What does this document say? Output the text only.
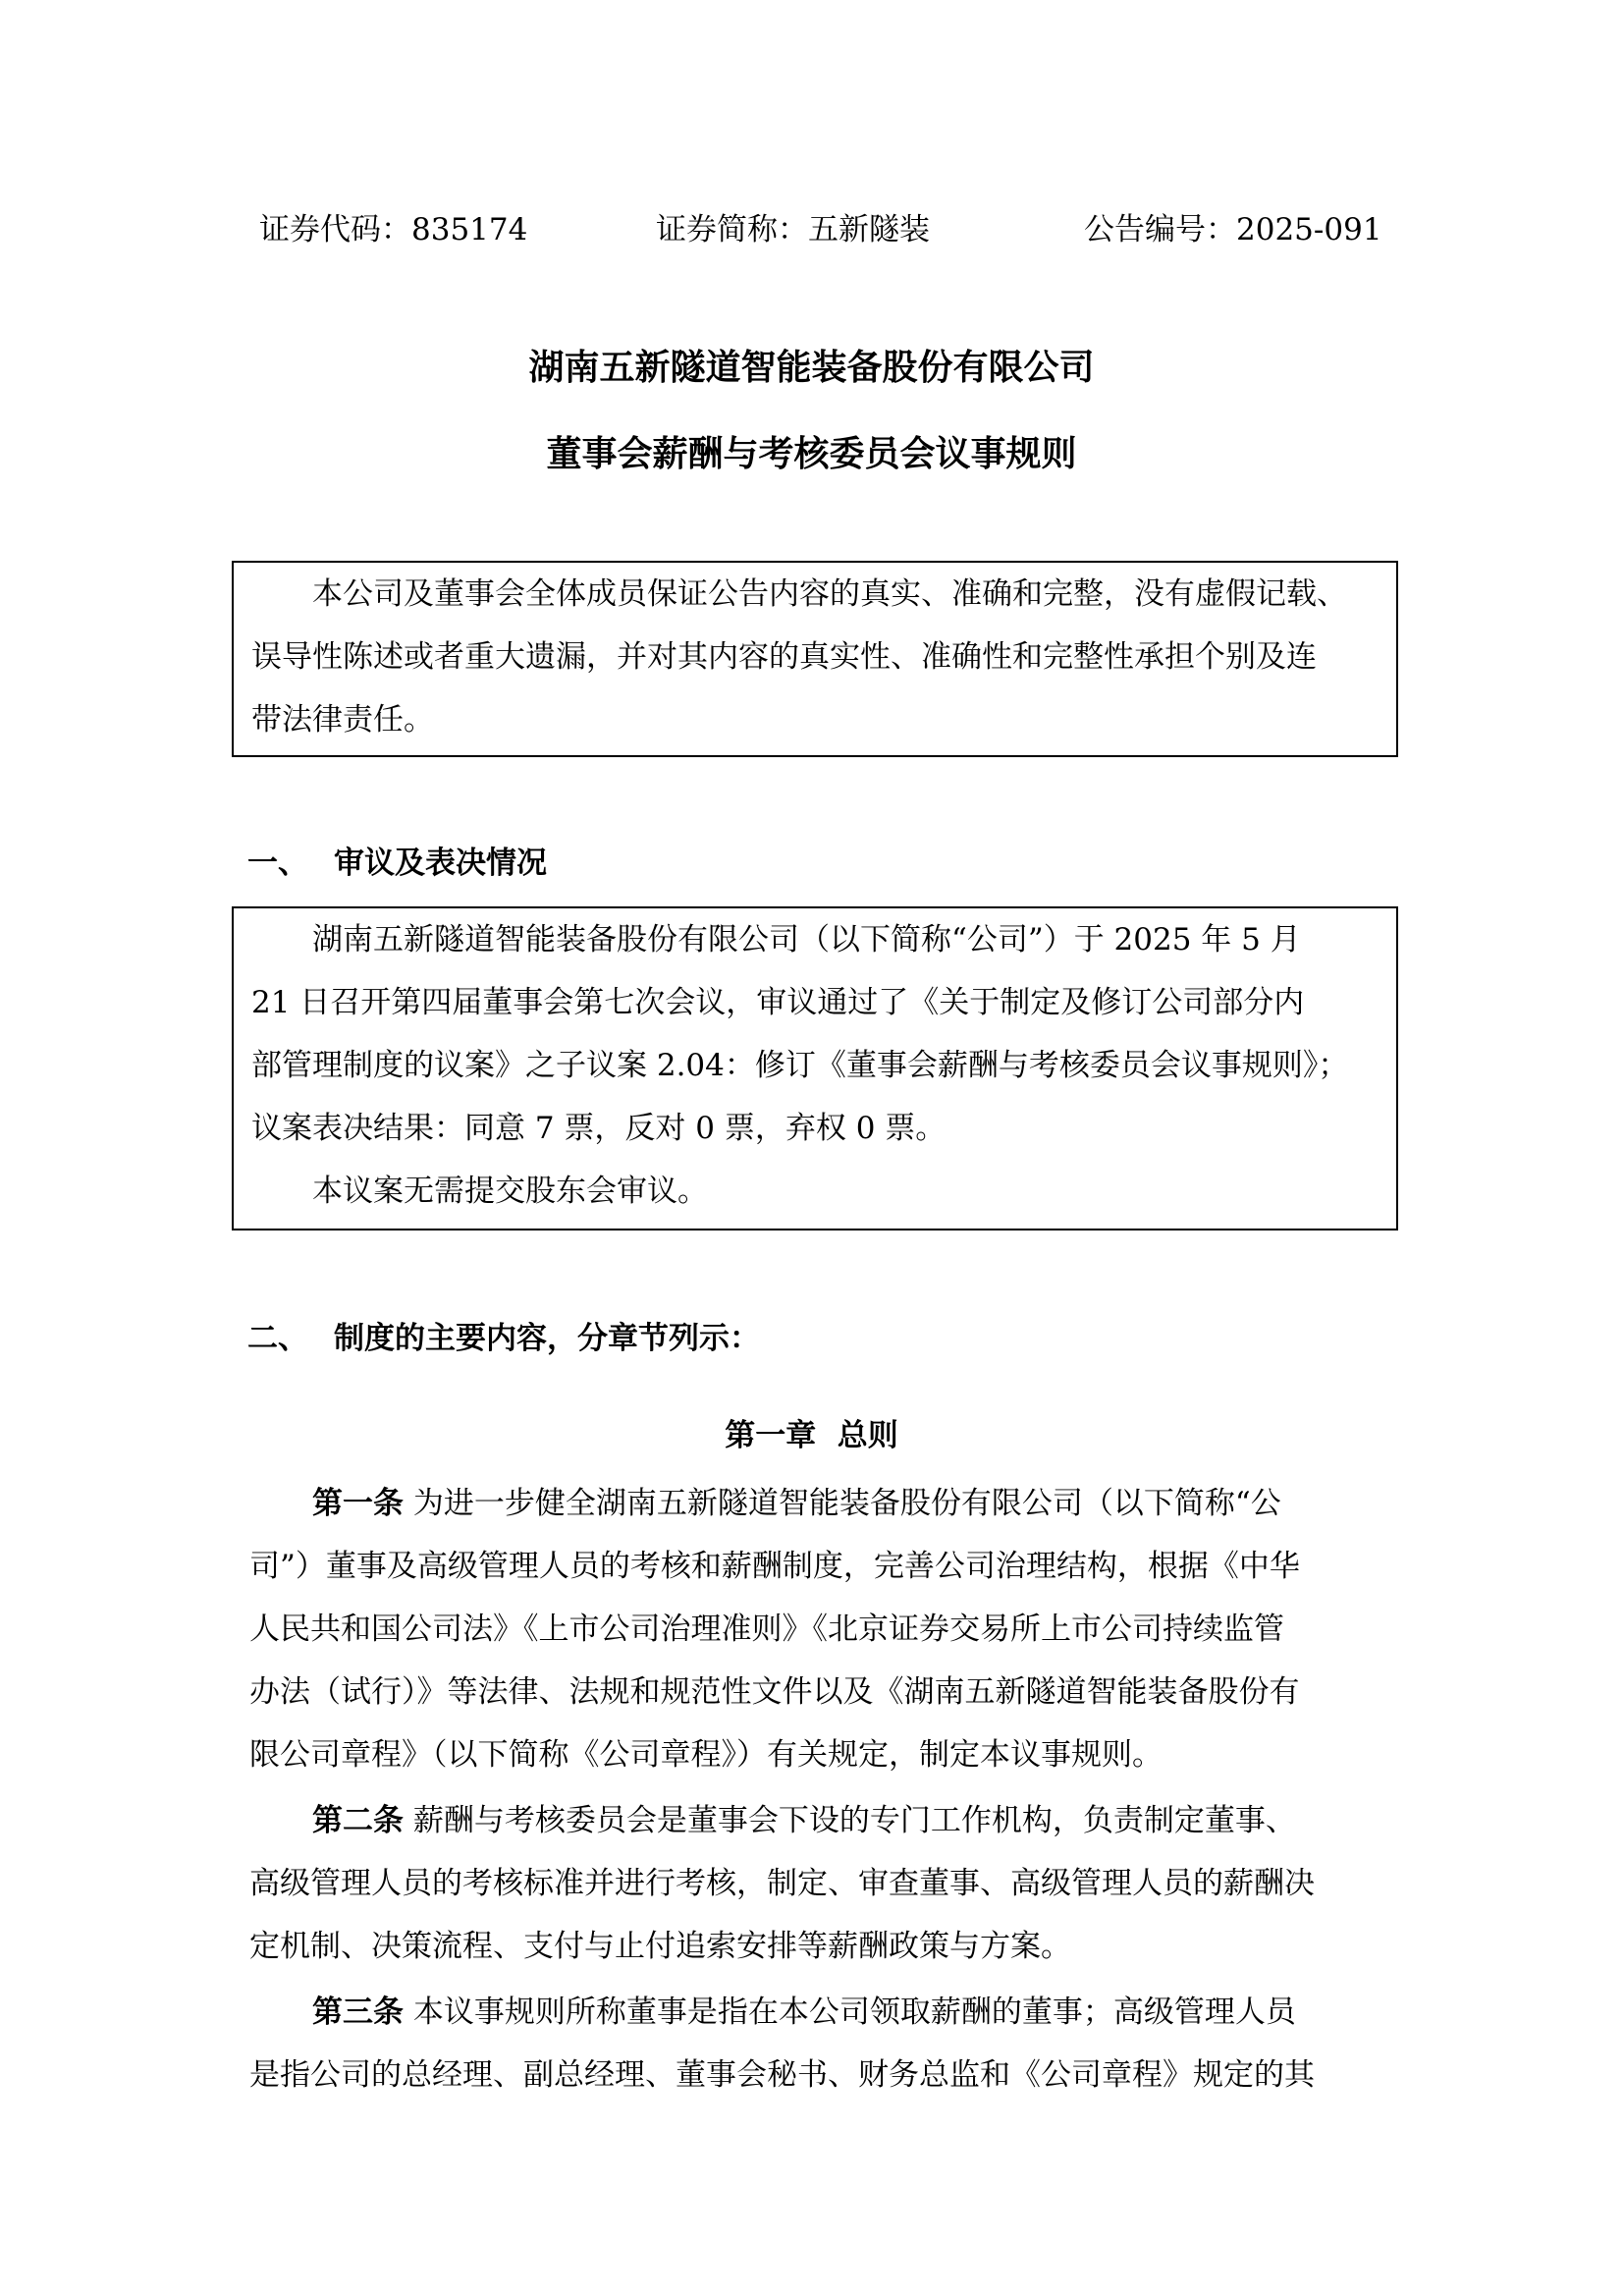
证券代码：835174	证券简称：五新隧装	公告编号：2025-091
湖南五新隧道智能装备股份有限公司
董事会薪酬与考核委员会议事规则
本公司及董事会全体成员保证公告内容的真实、准确和完整，没有虚假记载、
误导性陈述或者重大遗漏，并对其内容的真实性、准确性和完整性承担个别及连
带法律责任。
一、 审议及表决情况
湖南五新隧道智能装备股份有限公司（以下简称“公司”）于 2025 年 5 月
21 日召开第四届董事会第七次会议，审议通过了《关于制定及修订公司部分内
部管理制度的议案》之子议案 2.04：修订《董事会薪酬与考核委员会议事规则》；
议案表决结果：同意 7 票，反对 0 票，弃权 0 票。
本议案无需提交股东会审议。
二、 制度的主要内容，分章节列示：
第一章  总则
第一条 为进一步健全湖南五新隧道智能装备股份有限公司（以下简称“公
司”）董事及高级管理人员的考核和薪酬制度，完善公司治理结构，根据《中华
人民共和国公司法》《上市公司治理准则》《北京证券交易所上市公司持续监管
办法（试行）》等法律、法规和规范性文件以及《湖南五新隧道智能装备股份有
限公司章程》（以下简称《公司章程》）有关规定，制定本议事规则。
第二条 薪酬与考核委员会是董事会下设的专门工作机构，负责制定董事、
高级管理人员的考核标准并进行考核，制定、审查董事、高级管理人员的薪酬决
定机制、决策流程、支付与止付追索安排等薪酬政策与方案。
第三条 本议事规则所称董事是指在本公司领取薪酬的董事；高级管理人员
是指公司的总经理、副总经理、董事会秘书、财务总监和《公司章程》规定的其
